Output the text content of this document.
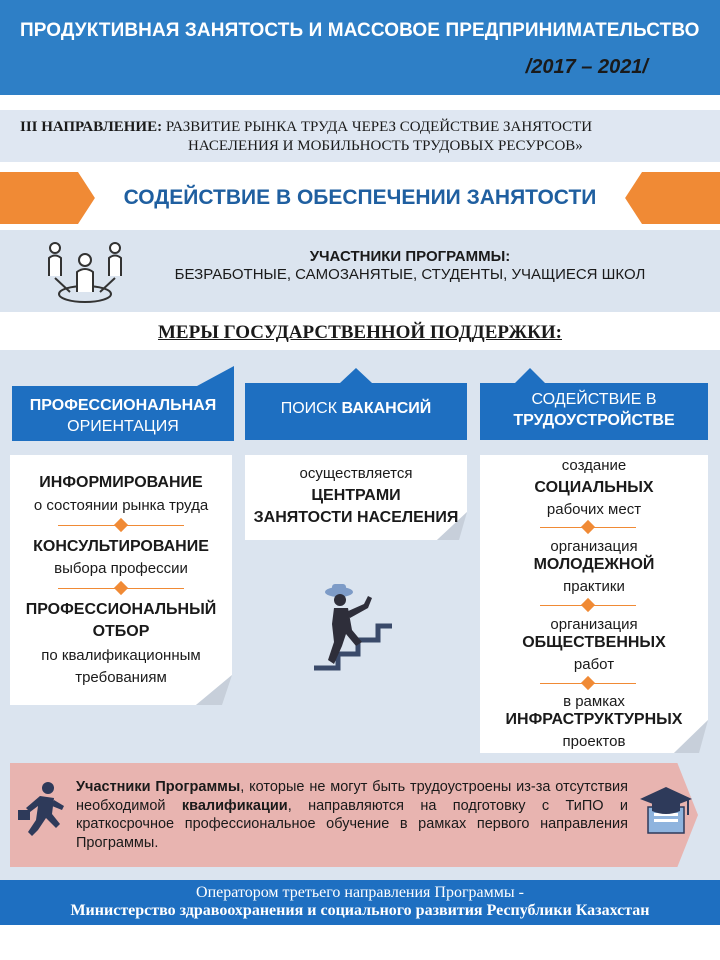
ПРОДУКТИВНАЯ ЗАНЯТОСТЬ И МАССОВОЕ ПРЕДПРИНИМАТЕЛЬСТВО
/2017 – 2021/
III НАПРАВЛЕНИЕ: РАЗВИТИЕ РЫНКА ТРУДА ЧЕРЕЗ СОДЕЙСТВИЕ ЗАНЯТОСТИ
НАСЕЛЕНИЯ И МОБИЛЬНОСТЬ ТРУДОВЫХ РЕСУРСОВ»
СОДЕЙСТВИЕ В ОБЕСПЕЧЕНИИ ЗАНЯТОСТИ
УЧАСТНИКИ ПРОГРАММЫ:
БЕЗРАБОТНЫЕ, САМОЗАНЯТЫЕ, СТУДЕНТЫ, УЧАЩИЕСЯ ШКОЛ
МЕРЫ ГОСУДАРСТВЕННОЙ ПОДДЕРЖКИ:
ПРОФЕССИОНАЛЬНАЯ
ОРИЕНТАЦИЯ
ПОИСК ВАКАНСИЙ
СОДЕЙСТВИЕ В
ТРУДОУСТРОЙСТВЕ
ИНФОРМИРОВАНИЕ
о состоянии рынка труда
КОНСУЛЬТИРОВАНИЕ
выбора профессии
ПРОФЕССИОНАЛЬНЫЙ
ОТБОР
по квалификационным
требованиям
осуществляется
ЦЕНТРАМИ
ЗАНЯТОСТИ НАСЕЛЕНИЯ
создание
СОЦИАЛЬНЫХ
рабочих мест
организация
МОЛОДЕЖНОЙ
практики
организация
ОБЩЕСТВЕННЫХ
работ
в рамках
ИНФРАСТРУКТУРНЫХ
проектов
Участники Программы, которые не могут быть трудоустроены из-за отсутствия необходимой квалификации, направляются на подготовку с ТиПО и краткосрочное профессиональное обучение в рамках первого направления Программы.
Оператором третьего направления Программы -
Министерство здравоохранения и социального развития Республики Казахстан
